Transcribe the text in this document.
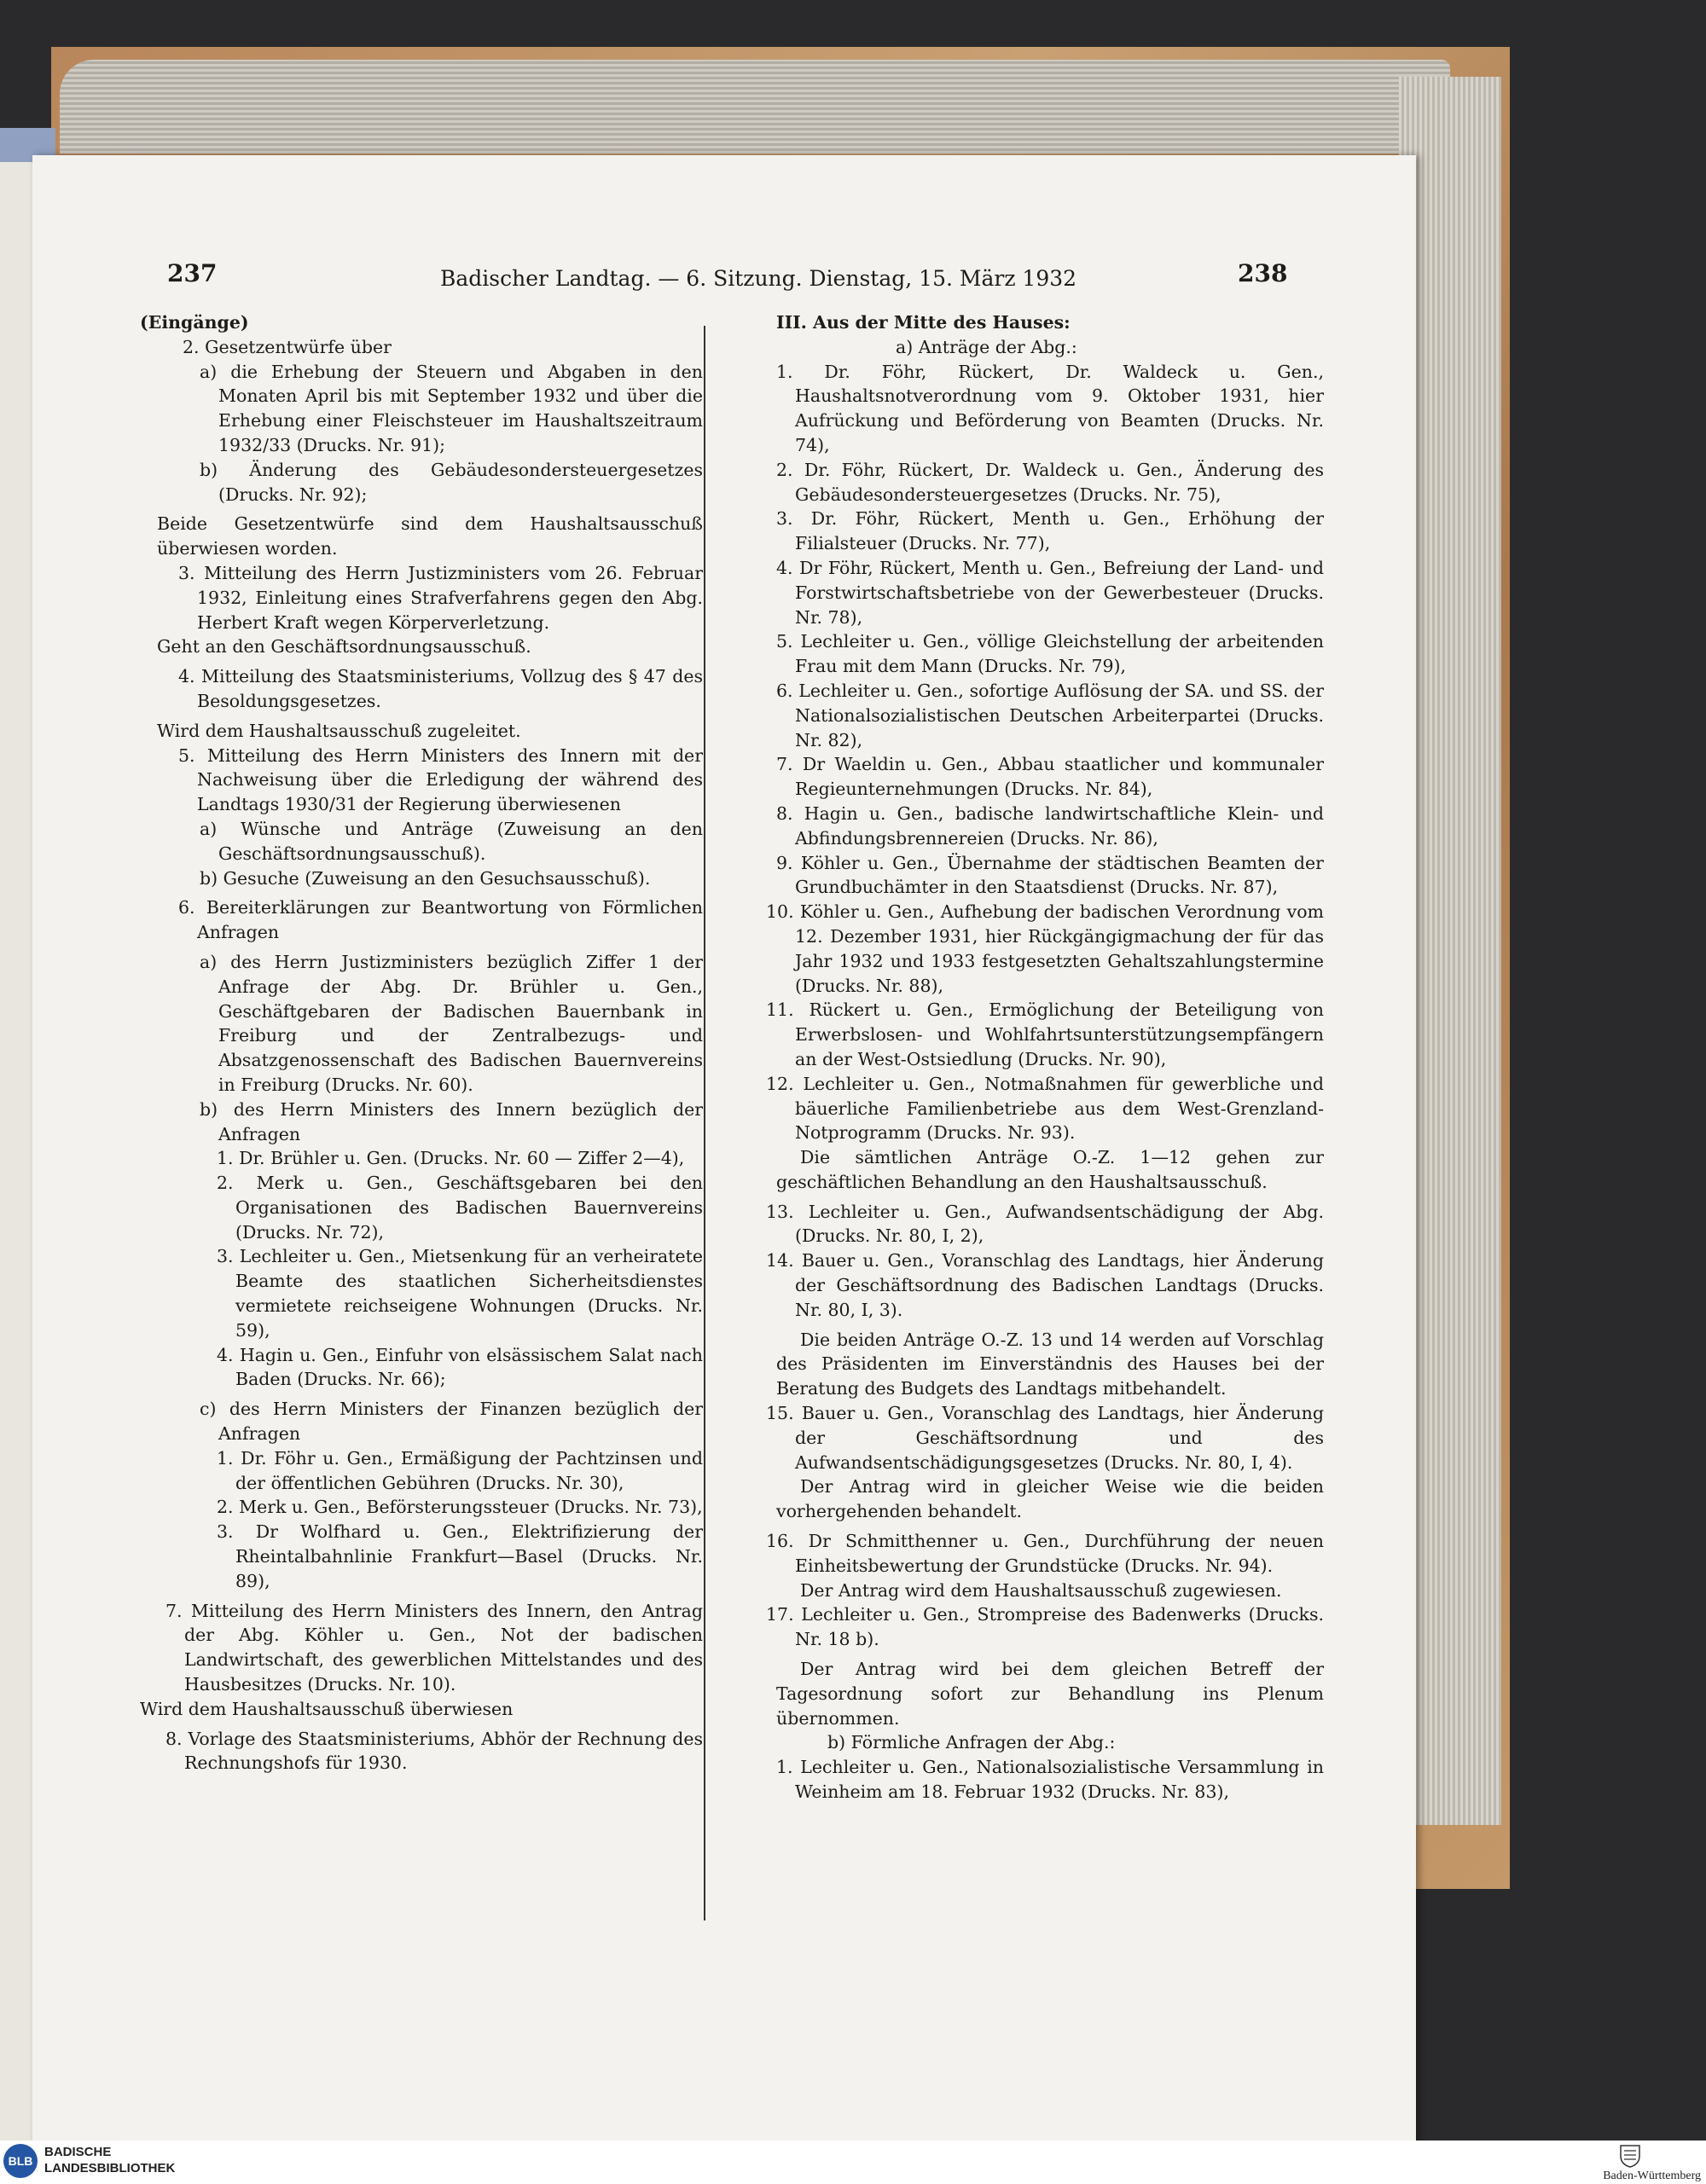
237	Badischer Landtag. — 6. Sitzung. Dienstag, 15. März 1932	238

(Eingänge)

2. Gesetzentwürfe über

a) die Erhebung der Steuern und Abgaben in den Monaten April bis mit September 1932 und über die Erhebung einer Fleischsteuer im Haushaltszeitraum 1932/33 (Drucks. Nr. 91);

b) Änderung des Gebäudesondersteuergesetzes (Drucks. Nr. 92);

Beide Gesetzentwürfe sind dem Haushaltsausschuß überwiesen worden.

3. Mitteilung des Herrn Justizministers vom 26. Februar 1932, Einleitung eines Strafverfahrens gegen den Abg. Herbert Kraft wegen Körperverletzung.

Geht an den Geschäftsordnungsausschuß.

4. Mitteilung des Staatsministeriums, Vollzug des § 47 des Besoldungsgesetzes.

Wird dem Haushaltsausschuß zugeleitet.

5. Mitteilung des Herrn Ministers des Innern mit der Nachweisung über die Erledigung der während des Landtags 1930/31 der Regierung überwiesenen

a) Wünsche und Anträge (Zuweisung an den Geschäftsordnungsausschuß).

b) Gesuche (Zuweisung an den Gesuchsausschuß).

6. Bereiterklärungen zur Beantwortung von Förmlichen Anfragen

a) des Herrn Justizministers bezüglich Ziffer 1 der Anfrage der Abg. Dr. Brühler u. Gen., Geschäftgebaren der Badischen Bauernbank in Freiburg und der Zentralbezugs- und Absatzgenossenschaft des Badischen Bauernvereins in Freiburg (Drucks. Nr. 60).

b) des Herrn Ministers des Innern bezüglich der Anfragen

1. Dr. Brühler u. Gen. (Drucks. Nr. 60 — Ziffer 2—4),

2. Merk u. Gen., Geschäftsgebaren bei den Organisationen des Badischen Bauernvereins (Drucks. Nr. 72),

3. Lechleiter u. Gen., Mietsenkung für an verheiratete Beamte des staatlichen Sicherheitsdienstes vermietete reichseigene Wohnungen (Drucks. Nr. 59),

4. Hagin u. Gen., Einfuhr von elsässischem Salat nach Baden (Drucks. Nr. 66);

c) des Herrn Ministers der Finanzen bezüglich der Anfragen

1. Dr. Föhr u. Gen., Ermäßigung der Pachtzinsen und der öffentlichen Gebühren (Drucks. Nr. 30),

2. Merk u. Gen., Beförsterungssteuer (Drucks. Nr. 73),

3. Dr Wolfhard u. Gen., Elektrifizierung der Rheintalbahnlinie Frankfurt—Basel (Drucks. Nr. 89),

7. Mitteilung des Herrn Ministers des Innern, den Antrag der Abg. Köhler u. Gen., Not der badischen Landwirtschaft, des gewerblichen Mittelstandes und des Hausbesitzes (Drucks. Nr. 10).

Wird dem Haushaltsausschuß überwiesen

8. Vorlage des Staatsministeriums, Abhör der Rechnung des Rechnungshofs für 1930.

III. Aus der Mitte des Hauses:

a) Anträge der Abg.:

1. Dr. Föhr, Rückert, Dr. Waldeck u. Gen., Haushaltsnotverordnung vom 9. Oktober 1931, hier Aufrückung und Beförderung von Beamten (Drucks. Nr. 74),

2. Dr. Föhr, Rückert, Dr. Waldeck u. Gen., Änderung des Gebäudesondersteuergesetzes (Drucks. Nr. 75),

3. Dr. Föhr, Rückert, Menth u. Gen., Erhöhung der Filialsteuer (Drucks. Nr. 77),

4. Dr Föhr, Rückert, Menth u. Gen., Befreiung der Land- und Forstwirtschaftsbetriebe von der Gewerbesteuer (Drucks. Nr. 78),

5. Lechleiter u. Gen., völlige Gleichstellung der arbeitenden Frau mit dem Mann (Drucks. Nr. 79),

6. Lechleiter u. Gen., sofortige Auflösung der SA. und SS. der Nationalsozialistischen Deutschen Arbeiterpartei (Drucks. Nr. 82),

7. Dr Waeldin u. Gen., Abbau staatlicher und kommunaler Regieunternehmungen (Drucks. Nr. 84),

8. Hagin u. Gen., badische landwirtschaftliche Klein- und Abfindungsbrennereien (Drucks. Nr. 86),

9. Köhler u. Gen., Übernahme der städtischen Beamten der Grundbuchämter in den Staatsdienst (Drucks. Nr. 87),

10. Köhler u. Gen., Aufhebung der badischen Verordnung vom 12. Dezember 1931, hier Rückgängigmachung der für das Jahr 1932 und 1933 festgesetzten Gehaltszahlungstermine (Drucks. Nr. 88),

11. Rückert u. Gen., Ermöglichung der Beteiligung von Erwerbslosen- und Wohlfahrtsunterstützungsempfängern an der West-Ostsiedlung (Drucks. Nr. 90),

12. Lechleiter u. Gen., Notmaßnahmen für gewerbliche und bäuerliche Familienbetriebe aus dem West-Grenzland-Notprogramm (Drucks. Nr. 93).

Die sämtlichen Anträge O.-Z. 1—12 gehen zur geschäftlichen Behandlung an den Haushaltsausschuß.

13. Lechleiter u. Gen., Aufwandsentschädigung der Abg. (Drucks. Nr. 80, I, 2),

14. Bauer u. Gen., Voranschlag des Landtags, hier Änderung der Geschäftsordnung des Badischen Landtags (Drucks. Nr. 80, I, 3).

Die beiden Anträge O.-Z. 13 und 14 werden auf Vorschlag des Präsidenten im Einverständnis des Hauses bei der Beratung des Budgets des Landtags mitbehandelt.

15. Bauer u. Gen., Voranschlag des Landtags, hier Änderung der Geschäftsordnung und des Aufwandsentschädigungsgesetzes (Drucks. Nr. 80, I, 4).

Der Antrag wird in gleicher Weise wie die beiden vorhergehenden behandelt.

16. Dr Schmitthenner u. Gen., Durchführung der neuen Einheitsbewertung der Grundstücke (Drucks. Nr. 94).

Der Antrag wird dem Haushaltsausschuß zugewiesen.

17. Lechleiter u. Gen., Strompreise des Badenwerks (Drucks. Nr. 18 b).

Der Antrag wird bei dem gleichen Betreff der Tagesordnung sofort zur Behandlung ins Plenum übernommen.

b) Förmliche Anfragen der Abg.:

1. Lechleiter u. Gen., Nationalsozialistische Versammlung in Weinheim am 18. Februar 1932 (Drucks. Nr. 83),

BLB
BADISCHE
LANDESBIBLIOTHEK
Baden-Württemberg
